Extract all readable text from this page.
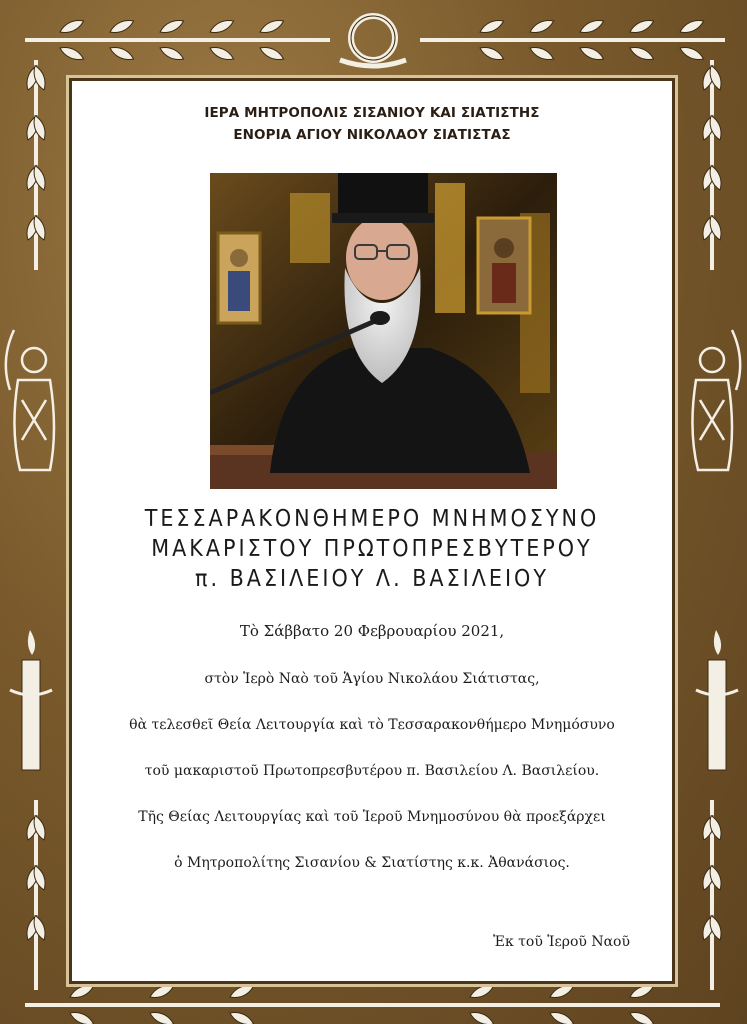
ΙΕΡΑ ΜΗΤΡΟΠΟΛΙΣ ΣΙΣΑΝΙΟΥ ΚΑΙ ΣΙΑΤΙΣΤΗΣ
ΕΝΟΡΙΑ ΑΓΙΟΥ ΝΙΚΟΛΑΟΥ ΣΙΑΤΙΣΤΑΣ
ΤΕΣΣΑΡΑΚΟΝΘΗΜΕΡΟ ΜΝΗΜΟΣΥΝΟ
ΜΑΚΑΡΙΣΤΟΥ ΠΡΩΤΟΠΡΕΣΒΥΤΕΡΟΥ
π. ΒΑΣΙΛΕΙΟΥ Λ. ΒΑΣΙΛΕΙΟΥ
Τὸ Σάββατο 20 Φεβρουαρίου 2021,
στὸν Ἱερὸ Ναὸ τοῦ Ἁγίου Νικολάου Σιάτιστας,
θὰ τελεσθεῖ Θεία Λειτουργία καὶ τὸ Τεσσαρακονθήμερο Μνημόσυνο
τοῦ μακαριστοῦ Πρωτοπρεσβυτέρου π. Βασιλείου Λ. Βασιλείου.
Τῆς Θείας Λειτουργίας καὶ τοῦ Ἱεροῦ Μνημοσύνου θὰ προεξάρχει
ὁ Μητροπολίτης Σισανίου & Σιατίστης κ.κ. Ἀθανάσιος.
Ἐκ τοῦ Ἱεροῦ Ναοῦ
